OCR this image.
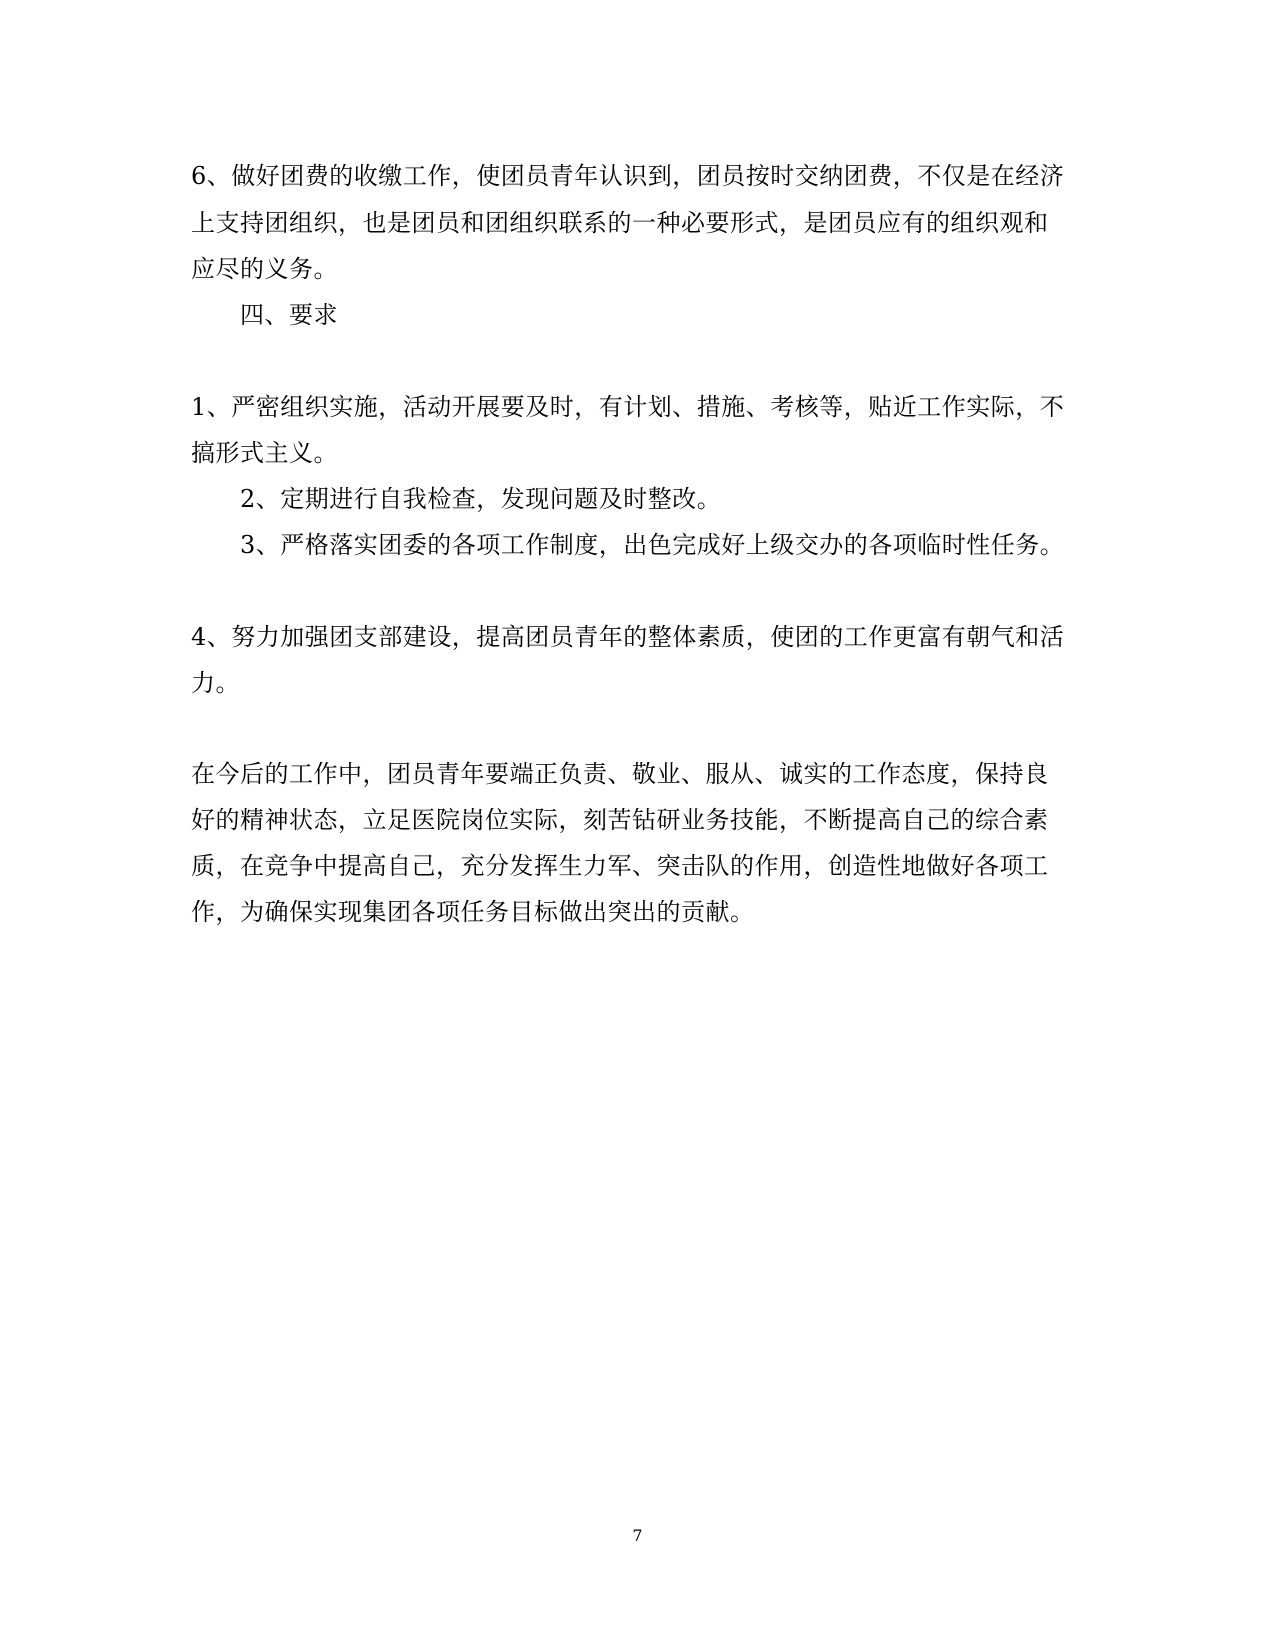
6、做好团费的收缴工作，使团员青年认识到，团员按时交纳团费，不仅是在经济

上支持团组织，也是团员和团组织联系的一种必要形式，是团员应有的组织观和

应尽的义务。

四、要求

1、严密组织实施，活动开展要及时，有计划、措施、考核等，贴近工作实际，不

搞形式主义。

2、定期进行自我检查，发现问题及时整改。

3、严格落实团委的各项工作制度，出色完成好上级交办的各项临时性任务。

4、努力加强团支部建设，提高团员青年的整体素质，使团的工作更富有朝气和活

力。

在今后的工作中，团员青年要端正负责、敬业、服从、诚实的工作态度，保持良

好的精神状态，立足医院岗位实际，刻苦钻研业务技能，不断提高自己的综合素

质，在竞争中提高自己，充分发挥生力军、突击队的作用，创造性地做好各项工

作，为确保实现集团各项任务目标做出突出的贡献。

7
